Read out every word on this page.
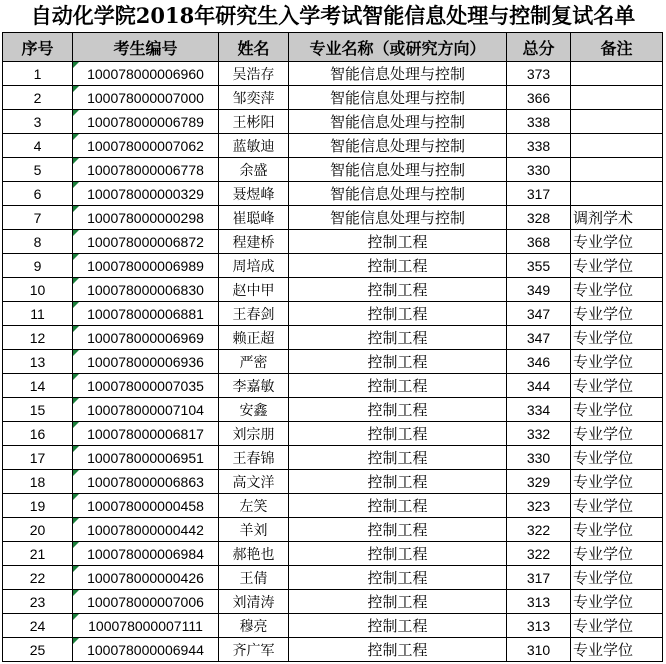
自动化学院2018年研究生入学考试智能信息处理与控制复试名单
序号	考生编号	姓名	专业名称（或研究方向）	总分	备注
1	100078000006960	吴浩存	智能信息处理与控制	373	
2	100078000007000	邹奕萍	智能信息处理与控制	366	
3	100078000006789	王彬阳	智能信息处理与控制	338	
4	100078000007062	蓝敏迪	智能信息处理与控制	338	
5	100078000006778	余盛	智能信息处理与控制	330	
6	100078000000329	聂煜峰	智能信息处理与控制	317	
7	100078000000298	崔聪峰	智能信息处理与控制	328	调剂学术
8	100078000006872	程建桥	控制工程	368	专业学位
9	100078000006989	周培成	控制工程	355	专业学位
10	100078000006830	赵中甲	控制工程	349	专业学位
11	100078000006881	王春剑	控制工程	347	专业学位
12	100078000006969	赖正超	控制工程	347	专业学位
13	100078000006936	严密	控制工程	346	专业学位
14	100078000007035	李嘉敏	控制工程	344	专业学位
15	100078000007104	安鑫	控制工程	334	专业学位
16	100078000006817	刘宗朋	控制工程	332	专业学位
17	100078000006951	王春锦	控制工程	330	专业学位
18	100078000006863	高文洋	控制工程	329	专业学位
19	100078000000458	左笑	控制工程	323	专业学位
20	100078000000442	羊刘	控制工程	322	专业学位
21	100078000006984	郝艳也	控制工程	322	专业学位
22	100078000000426	王倩	控制工程	317	专业学位
23	100078000007006	刘清涛	控制工程	313	专业学位
24	100078000007111	穆亮	控制工程	313	专业学位
25	100078000006944	齐广军	控制工程	310	专业学位
